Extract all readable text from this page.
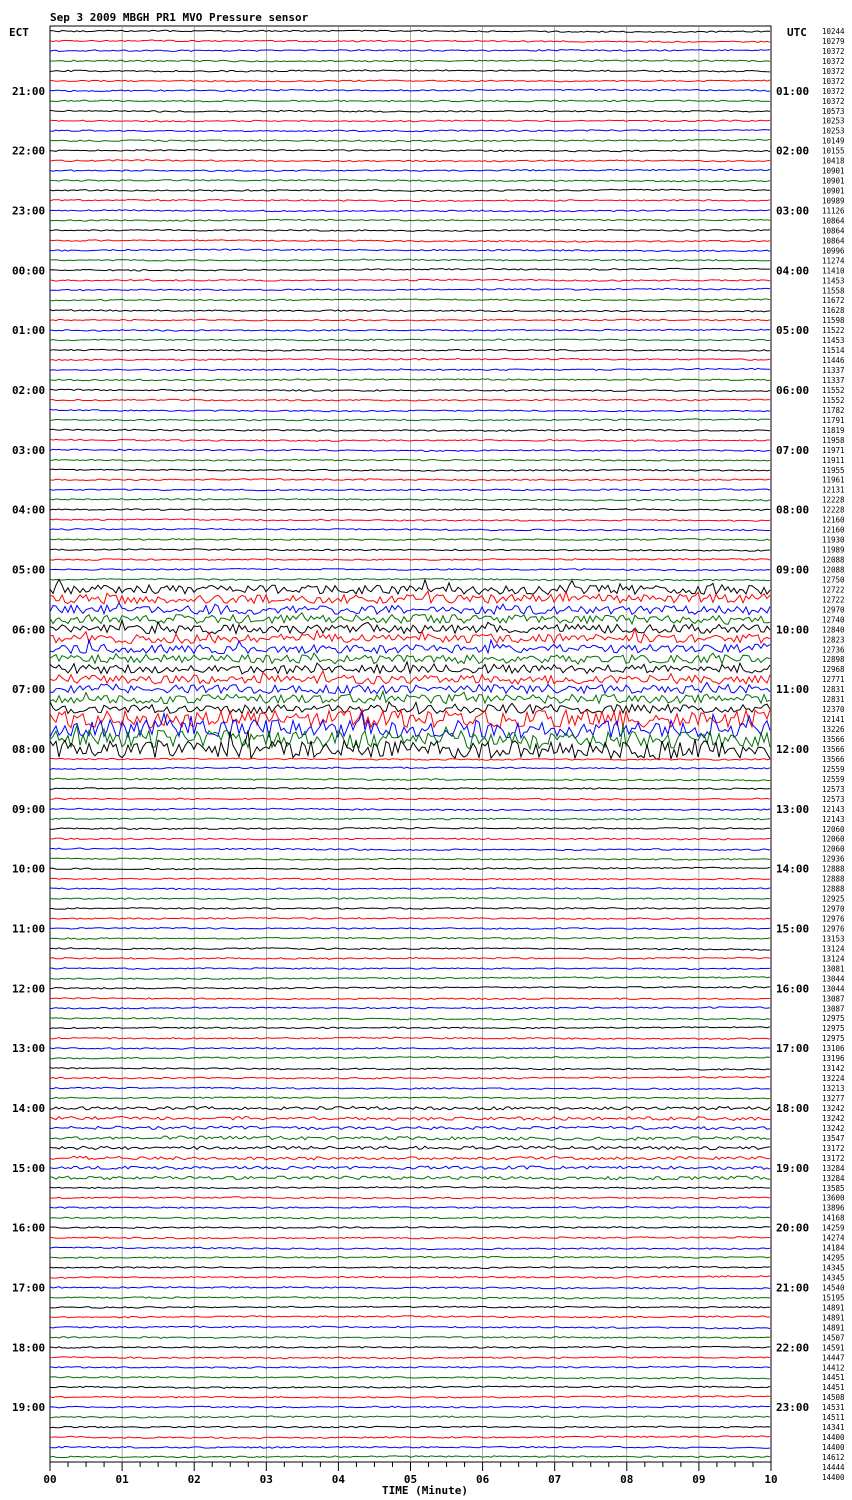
Sep 3 2009 MBGH PR1 MVO Pressure sensor
ECT	UTC
21:00
22:00
23:00
00:00
01:00
02:00
03:00
04:00
05:00
06:00
07:00
08:00
09:00
10:00
11:00
12:00
13:00
14:00
15:00
16:00
17:00
18:00
19:00
01:00
02:00
03:00
04:00
05:00
06:00
07:00
08:00
09:00
10:00
11:00
12:00
13:00
14:00
15:00
16:00
17:00
18:00
19:00
20:00
21:00
22:00
23:00
10244
10279
10372
10372
10372
10372
10372
10372
10573
10253
10253
10149
10155
10418
10901
10901
10901
10989
11126
10864
10864
10864
10996
11274
11410
11453
11558
11672
11628
11598
11522
11453
11514
11446
11337
11337
11552
11552
11782
11791
11819
11958
11971
11911
11955
11961
12131
12228
12228
12160
12160
11930
11989
12088
12088
12750
12722
12722
12970
12740
12840
12823
12736
12898
12968
12771
12831
12831
12370
12141
13226
13566
13566
13566
12559
12559
12573
12573
12143
12143
12060
12060
12060
12936
12888
12888
12888
12925
12970
12976
12976
13153
13124
13124
13081
13044
13044
13087
13087
12975
12975
12975
13106
13196
13142
13224
13213
13277
13242
13242
13242
13547
13172
13172
13284
13284
13585
13600
13896
14168
14259
14274
14184
14295
14345
14345
14540
15195
14891
14891
14891
14507
14591
14447
14412
14451
14451
14508
14531
14511
14341
14400
14400
14612
14444
14400
00	01	02	03	04	05	06	07	08	09	10
TIME (Minute)
